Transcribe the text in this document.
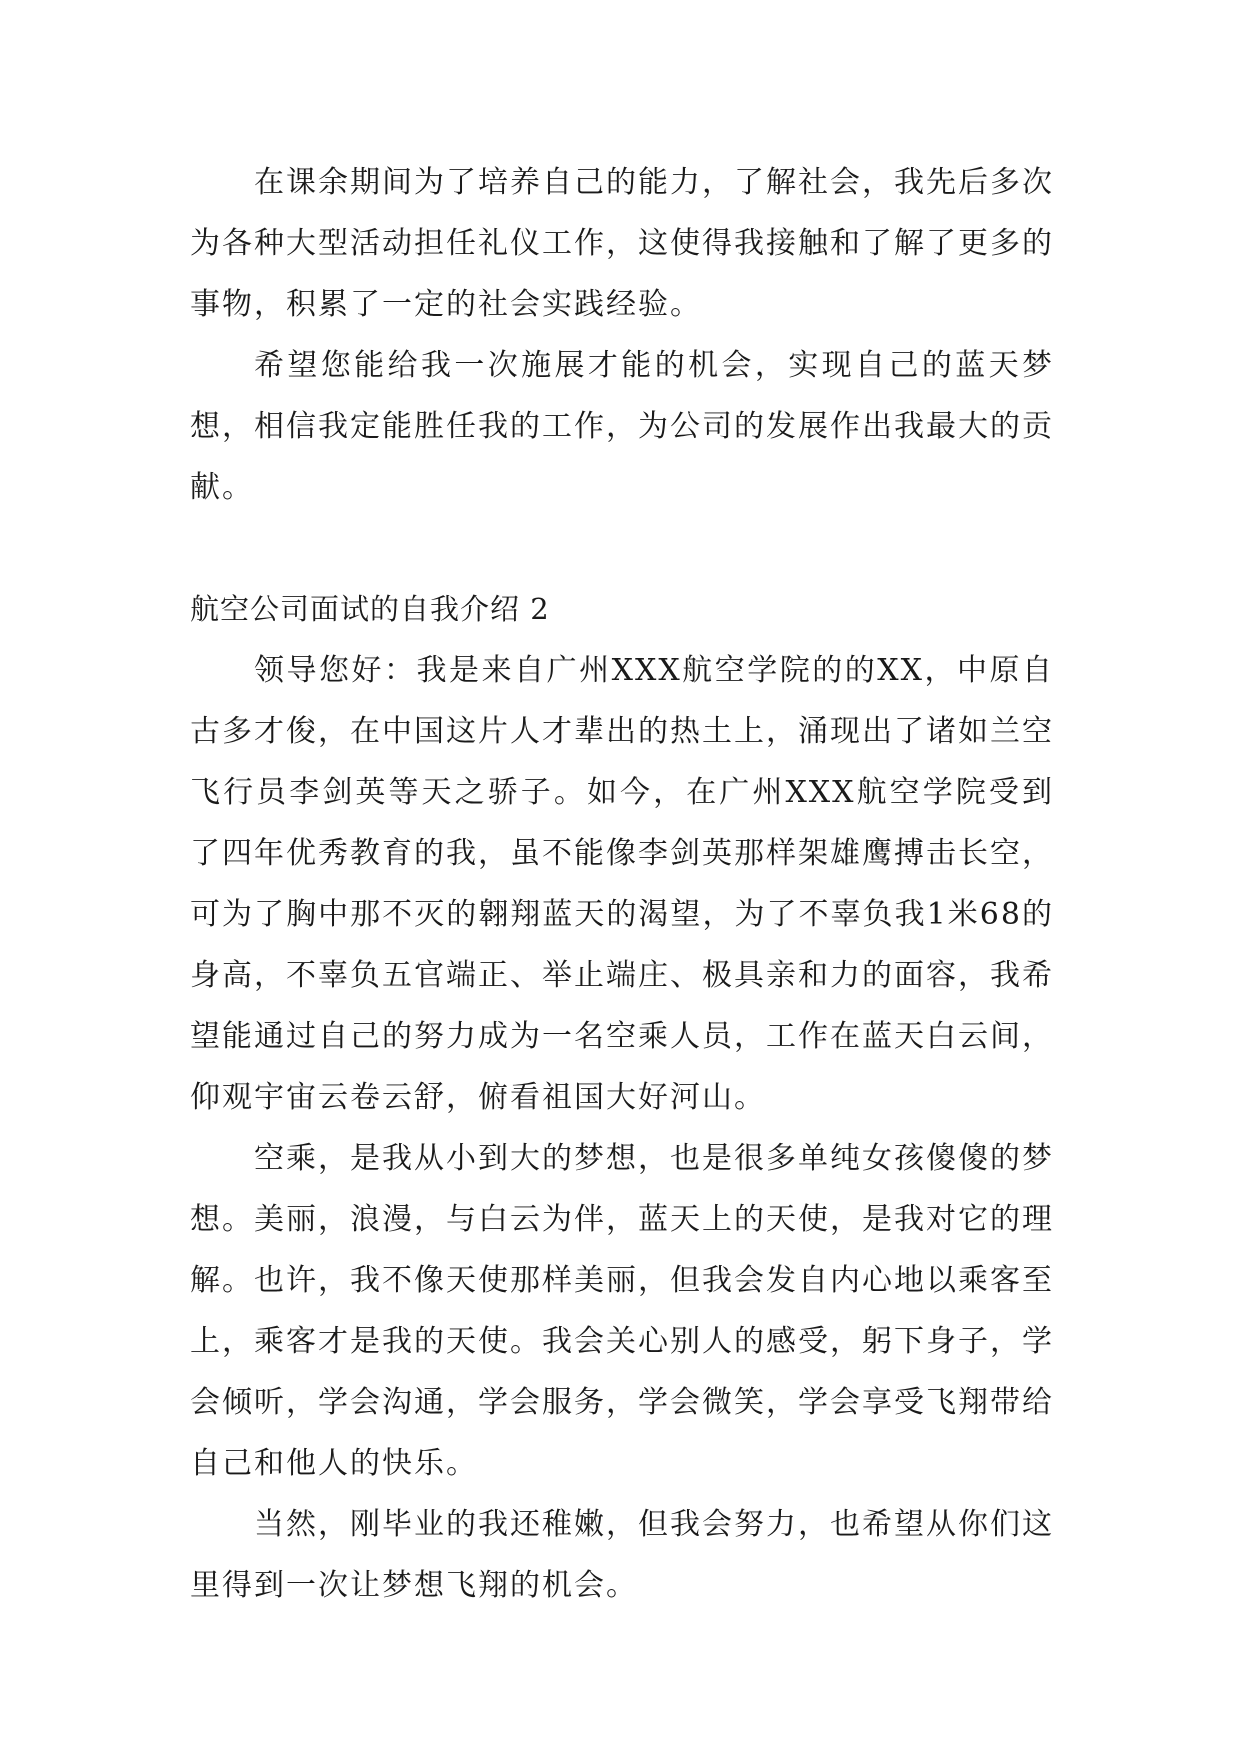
在课余期间为了培养自己的能力，了解社会，我先后多次为各种大型活动担任礼仪工作，这使得我接触和了解了更多的事物，积累了一定的社会实践经验。

希望您能给我一次施展才能的机会，实现自己的蓝天梦想，相信我定能胜任我的工作，为公司的发展作出我最大的贡献。

航空公司面试的自我介绍 2

领导您好：我是来自广州XXX航空学院的的XX，中原自古多才俊，在中国这片人才辈出的热土上，涌现出了诸如兰空飞行员李剑英等天之骄子。如今，在广州XXX航空学院受到了四年优秀教育的我，虽不能像李剑英那样架雄鹰搏击长空，可为了胸中那不灭的翱翔蓝天的渴望，为了不辜负我1米68的身高，不辜负五官端正、举止端庄、极具亲和力的面容，我希望能通过自己的努力成为一名空乘人员，工作在蓝天白云间，仰观宇宙云卷云舒，俯看祖国大好河山。

空乘，是我从小到大的梦想，也是很多单纯女孩傻傻的梦想。美丽，浪漫，与白云为伴，蓝天上的天使，是我对它的理解。也许，我不像天使那样美丽，但我会发自内心地以乘客至上，乘客才是我的天使。我会关心别人的感受，躬下身子，学会倾听，学会沟通，学会服务，学会微笑，学会享受飞翔带给自己和他人的快乐。

当然，刚毕业的我还稚嫩，但我会努力，也希望从你们这里得到一次让梦想飞翔的机会。
